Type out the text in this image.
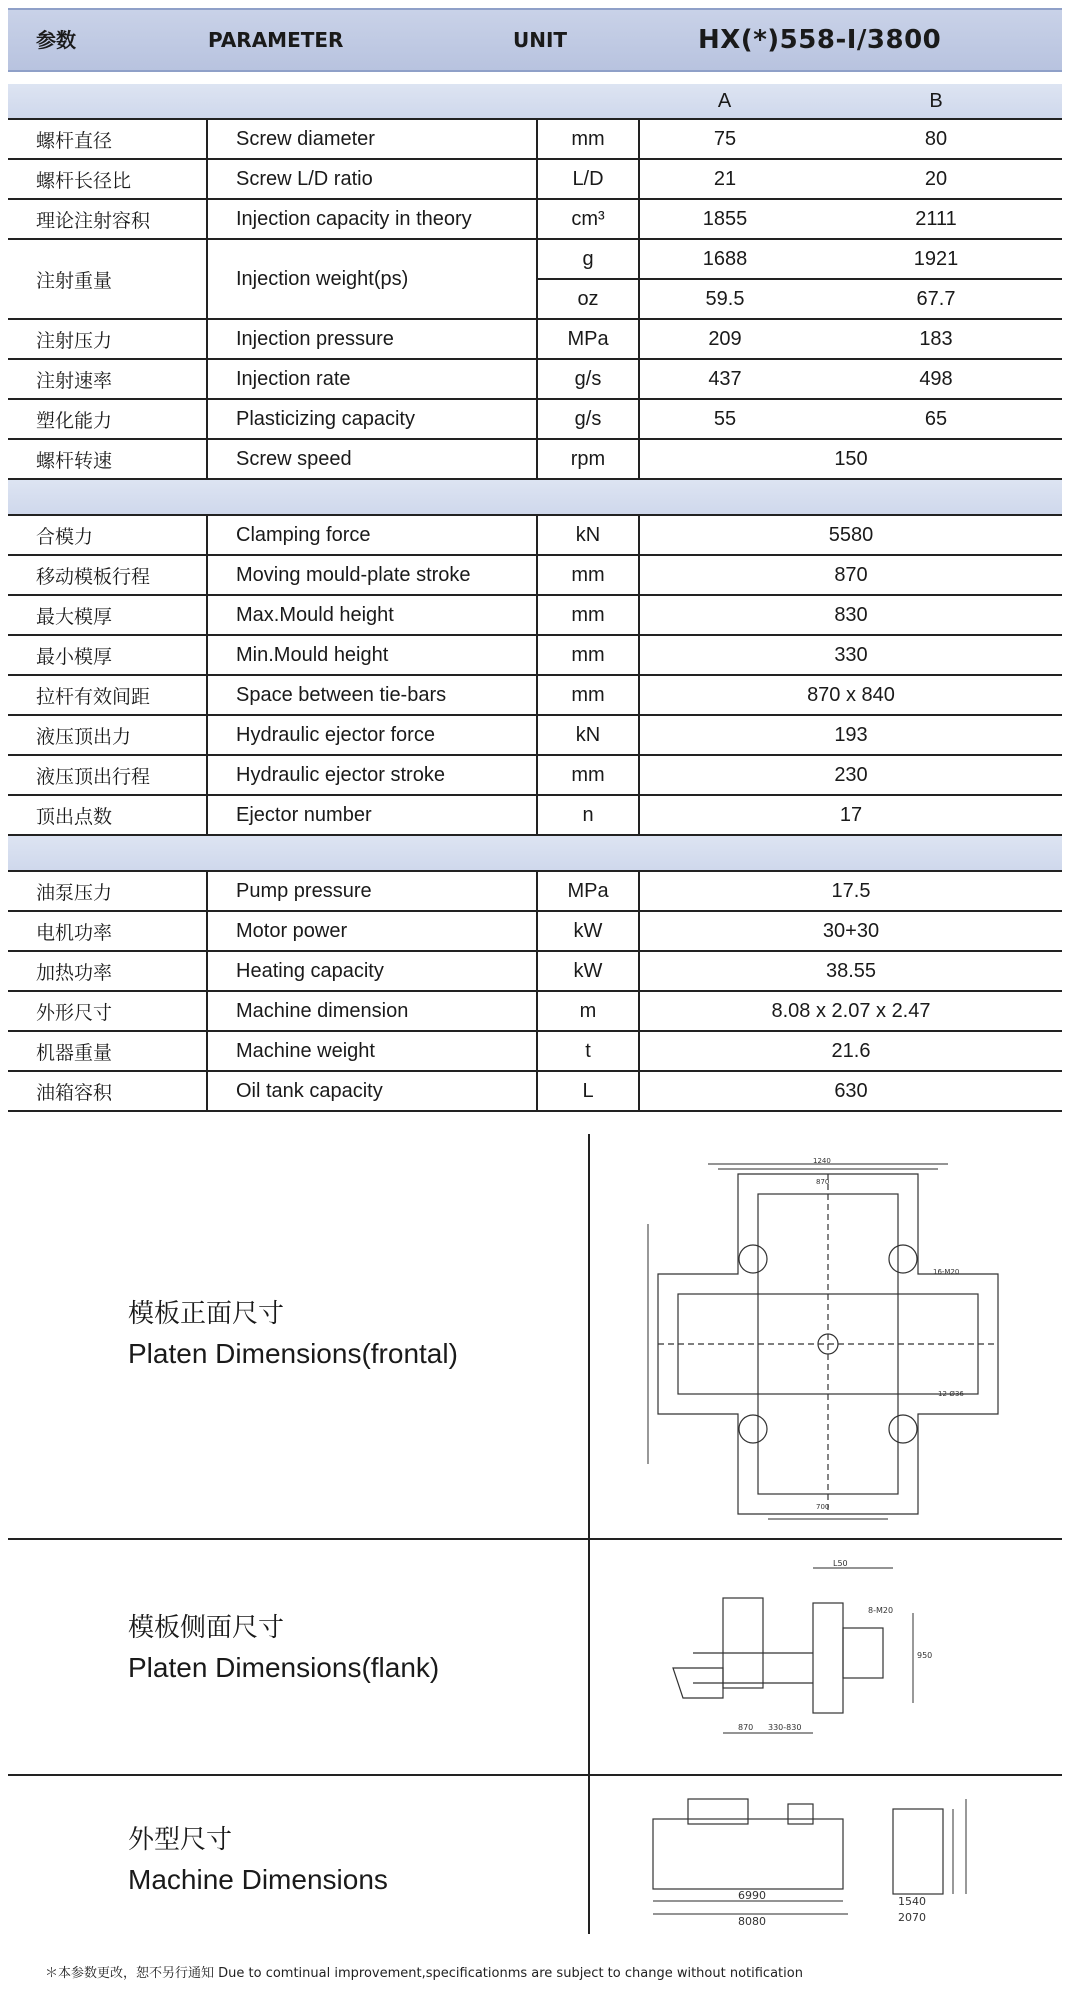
参数	PARAMETER	UNIT	HX(*)558-I/3800
			A	B
螺杆直径	Screw diameter	mm	75	80
螺杆长径比	Screw L/D ratio	L/D	21	20
理论注射容积	Injection capacity in theory	cm³	1855	2111
注射重量	Injection weight(ps)	g	1688	1921
		oz	59.5	67.7
注射压力	Injection pressure	MPa	209	183
注射速率	Injection rate	g/s	437	498
塑化能力	Plasticizing capacity	g/s	55	65
螺杆转速	Screw speed	rpm	150	

合模力	Clamping force	kN	5580	
移动模板行程	Moving mould-plate stroke	mm	870	
最大模厚	Max.Mould height	mm	830	
最小模厚	Min.Mould height	mm	330	
拉杆有效间距	Space between tie-bars	mm	870 x 840	
液压顶出力	Hydraulic ejector force	kN	193	
液压顶出行程	Hydraulic ejector stroke	mm	230	
顶出点数	Ejector number	n	17	

油泵压力	Pump pressure	MPa	17.5	
电机功率	Motor power	kW	30+30	
加热功率	Heating capacity	kW	38.55	
外形尺寸	Machine dimension	m	8.08 x 2.07 x 2.47	
机器重量	Machine weight	t	21.6	
油箱容积	Oil tank capacity	L	630	
模板正面尺寸
Platen Dimensions(frontal)
1240
870
16-M20
12-Ø36
700
模板侧面尺寸
Platen Dimensions(flank)
870 330-830
L50
8-M20
950
外型尺寸
Machine Dimensions
6990
8080
1540
2070
＊本参数更改，恕不另行通知 Due to comtinual improvement,specificationms are subject to change without notification
